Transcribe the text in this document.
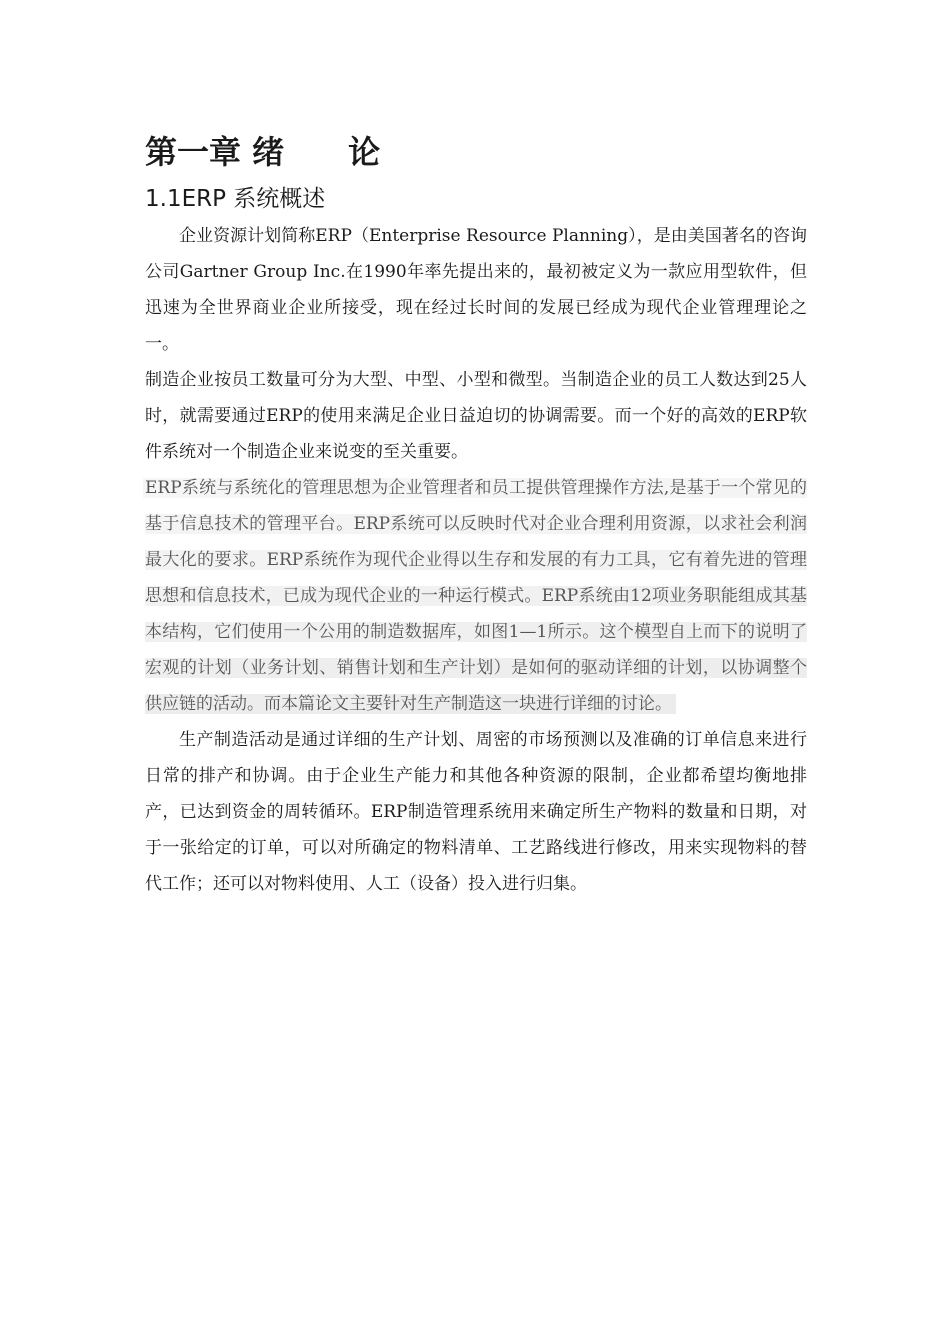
第一章 绪　　论
1.1ERP 系统概述

企业资源计划简称ERP（Enterprise Resource Planning），是由美国著名的咨询公司Gartner Group Inc.在1990年率先提出来的，最初被定义为一款应用型软件，但迅速为全世界商业企业所接受，现在经过长时间的发展已经成为现代企业管理理论之一。

制造企业按员工数量可分为大型、中型、小型和微型。当制造企业的员工人数达到25人时，就需要通过ERP的使用来满足企业日益迫切的协调需要。而一个好的高效的ERP软件系统对一个制造企业来说变的至关重要。

ERP系统与系统化的管理思想为企业管理者和员工提供管理操作方法,是基于一个常见的基于信息技术的管理平台。ERP系统可以反映时代对企业合理利用资源，以求社会利润最大化的要求。ERP系统作为现代企业得以生存和发展的有力工具，它有着先进的管理思想和信息技术，已成为现代企业的一种运行模式。ERP系统由12项业务职能组成其基本结构，它们使用一个公用的制造数据库，如图1—1所示。这个模型自上而下的说明了宏观的计划（业务计划、销售计划和生产计划）是如何的驱动详细的计划，以协调整个供应链的活动。而本篇论文主要针对生产制造这一块进行详细的讨论。

生产制造活动是通过详细的生产计划、周密的市场预测以及准确的订单信息来进行日常的排产和协调。由于企业生产能力和其他各种资源的限制，企业都希望均衡地排产，已达到资金的周转循环。ERP制造管理系统用来确定所生产物料的数量和日期，对于一张给定的订单，可以对所确定的物料清单、工艺路线进行修改，用来实现物料的替代工作；还可以对物料使用、人工（设备）投入进行归集。
